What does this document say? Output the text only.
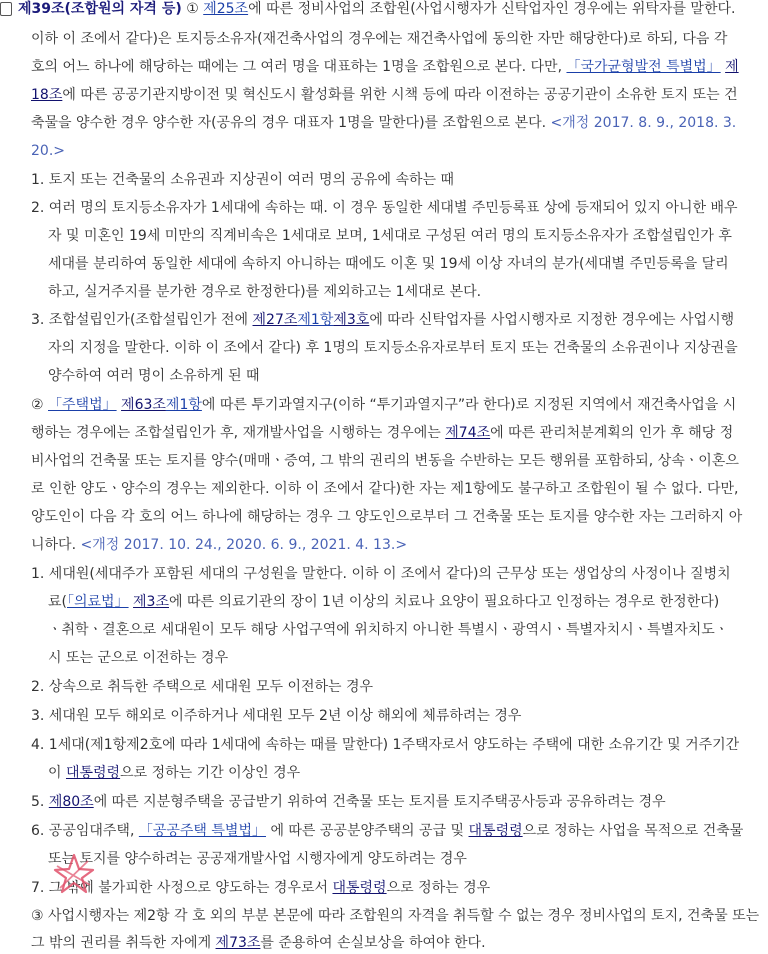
제39조(조합원의 자격 등) ① 제25조에 따른 정비사업의 조합원(사업시행자가 신탁업자인 경우에는 위탁자를 말한다.
이하 이 조에서 같다)은 토지등소유자(재건축사업의 경우에는 재건축사업에 동의한 자만 해당한다)로 하되, 다음 각
호의 어느 하나에 해당하는 때에는 그 여러 명을 대표하는 1명을 조합원으로 본다. 다만, 「국가균형발전 특별법」 제
18조에 따른 공공기관지방이전 및 혁신도시 활성화를 위한 시책 등에 따라 이전하는 공공기관이 소유한 토지 또는 건
축물을 양수한 경우 양수한 자(공유의 경우 대표자 1명을 말한다)를 조합원으로 본다. <개정 2017. 8. 9., 2018. 3.
20.>
1. 토지 또는 건축물의 소유권과 지상권이 여러 명의 공유에 속하는 때
2. 여러 명의 토지등소유자가 1세대에 속하는 때. 이 경우 동일한 세대별 주민등록표 상에 등재되어 있지 아니한 배우
자 및 미혼인 19세 미만의 직계비속은 1세대로 보며, 1세대로 구성된 여러 명의 토지등소유자가 조합설립인가 후
세대를 분리하여 동일한 세대에 속하지 아니하는 때에도 이혼 및 19세 이상 자녀의 분가(세대별 주민등록을 달리
하고, 실거주지를 분가한 경우로 한정한다)를 제외하고는 1세대로 본다.
3. 조합설립인가(조합설립인가 전에 제27조제1항제3호에 따라 신탁업자를 사업시행자로 지정한 경우에는 사업시행
자의 지정을 말한다. 이하 이 조에서 같다) 후 1명의 토지등소유자로부터 토지 또는 건축물의 소유권이나 지상권을
양수하여 여러 명이 소유하게 된 때
② 「주택법」 제63조제1항에 따른 투기과열지구(이하 “투기과열지구”라 한다)로 지정된 지역에서 재건축사업을 시
행하는 경우에는 조합설립인가 후, 재개발사업을 시행하는 경우에는 제74조에 따른 관리처분계획의 인가 후 해당 정
비사업의 건축물 또는 토지를 양수(매매ㆍ증여, 그 밖의 권리의 변동을 수반하는 모든 행위를 포함하되, 상속ㆍ이혼으
로 인한 양도ㆍ양수의 경우는 제외한다. 이하 이 조에서 같다)한 자는 제1항에도 불구하고 조합원이 될 수 없다. 다만,
양도인이 다음 각 호의 어느 하나에 해당하는 경우 그 양도인으로부터 그 건축물 또는 토지를 양수한 자는 그러하지 아
니하다. <개정 2017. 10. 24., 2020. 6. 9., 2021. 4. 13.>
1. 세대원(세대주가 포함된 세대의 구성원을 말한다. 이하 이 조에서 같다)의 근무상 또는 생업상의 사정이나 질병치
료(「의료법」 제3조에 따른 의료기관의 장이 1년 이상의 치료나 요양이 필요하다고 인정하는 경우로 한정한다)
ㆍ취학ㆍ결혼으로 세대원이 모두 해당 사업구역에 위치하지 아니한 특별시ㆍ광역시ㆍ특별자치시ㆍ특별자치도ㆍ
시 또는 군으로 이전하는 경우
2. 상속으로 취득한 주택으로 세대원 모두 이전하는 경우
3. 세대원 모두 해외로 이주하거나 세대원 모두 2년 이상 해외에 체류하려는 경우
4. 1세대(제1항제2호에 따라 1세대에 속하는 때를 말한다) 1주택자로서 양도하는 주택에 대한 소유기간 및 거주기간
이 대통령령으로 정하는 기간 이상인 경우
5. 제80조에 따른 지분형주택을 공급받기 위하여 건축물 또는 토지를 토지주택공사등과 공유하려는 경우
6. 공공임대주택, 「공공주택 특별법」 에 따른 공공분양주택의 공급 및 대통령령으로 정하는 사업을 목적으로 건축물
또는 토지를 양수하려는 공공재개발사업 시행자에게 양도하려는 경우
7. 그 밖에 불가피한 사정으로 양도하는 경우로서 대통령령으로 정하는 경우
③ 사업시행자는 제2항 각 호 외의 부분 본문에 따라 조합원의 자격을 취득할 수 없는 경우 정비사업의 토지, 건축물 또는
그 밖의 권리를 취득한 자에게 제73조를 준용하여 손실보상을 하여야 한다.
